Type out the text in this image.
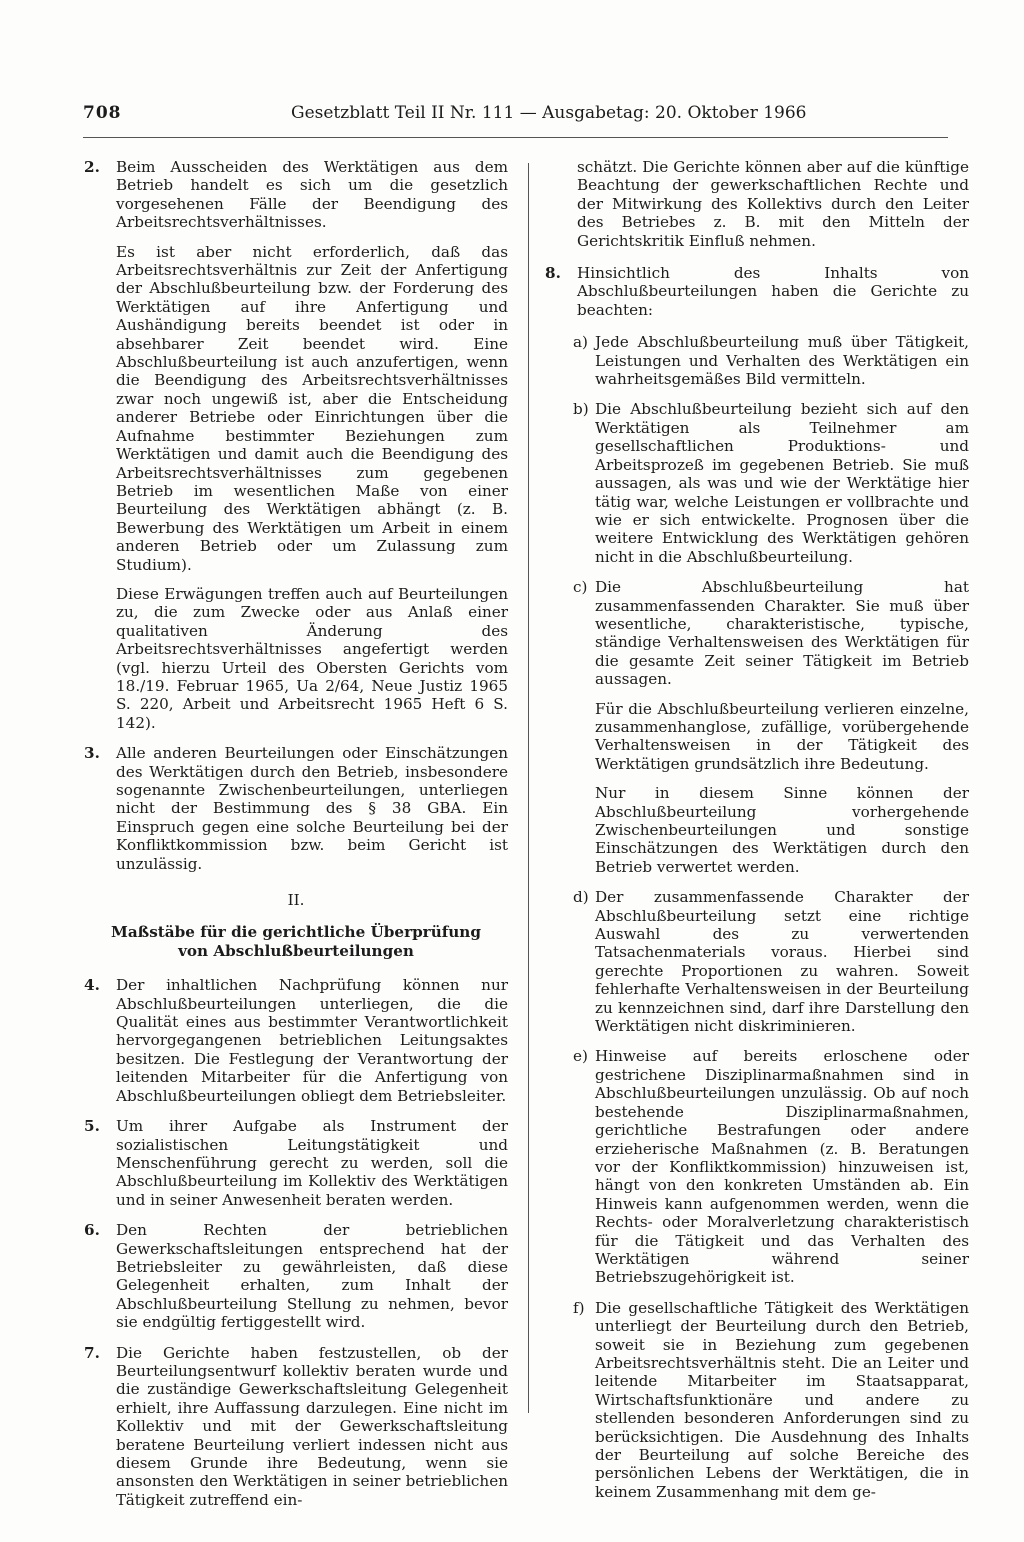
708	Gesetzblatt Teil II Nr. 111 — Ausgabetag: 20. Oktober 1966
2.	Beim Ausscheiden des Werktätigen aus dem Betrieb handelt es sich um die gesetzlich vorgesehenen Fälle der Beendigung des Arbeitsrechtsverhältnisses.

Es ist aber nicht erforderlich, daß das Arbeitsrechtsverhältnis zur Zeit der Anfertigung der Abschlußbeurteilung bzw. der Forderung des Werktätigen auf ihre Anfertigung und Aushändigung bereits beendet ist oder in absehbarer Zeit beendet wird. Eine Abschlußbeurteilung ist auch anzufertigen, wenn die Beendigung des Arbeitsrechtsverhältnisses zwar noch ungewiß ist, aber die Entscheidung anderer Betriebe oder Einrichtungen über die Aufnahme bestimmter Beziehungen zum Werktätigen und damit auch die Beendigung des Arbeitsrechtsverhältnisses zum gegebenen Betrieb im wesentlichen Maße von einer Beurteilung des Werktätigen abhängt (z. B. Bewerbung des Werktätigen um Arbeit in einem anderen Betrieb oder um Zulassung zum Studium).

Diese Erwägungen treffen auch auf Beurteilungen zu, die zum Zwecke oder aus Anlaß einer qualitativen Änderung des Arbeitsrechtsverhältnisses angefertigt werden (vgl. hierzu Urteil des Obersten Gerichts vom 18./19. Februar 1965, Ua 2/64, Neue Justiz 1965 S. 220, Arbeit und Arbeitsrecht 1965 Heft 6 S. 142).

3.	Alle anderen Beurteilungen oder Einschätzungen des Werktätigen durch den Betrieb, insbesondere sogenannte Zwischenbeurteilungen, unterliegen nicht der Bestimmung des § 38 GBA. Ein Einspruch gegen eine solche Beurteilung bei der Konfliktkommission bzw. beim Gericht ist unzulässig.

II.
Maßstäbe für die gerichtliche Überprüfung
von Abschlußbeurteilungen
4.	Der inhaltlichen Nachprüfung können nur Abschlußbeurteilungen unterliegen, die die Qualität eines aus bestimmter Verantwortlichkeit hervorgegangenen betrieblichen Leitungsaktes besitzen. Die Festlegung der Verantwortung der leitenden Mitarbeiter für die Anfertigung von Abschlußbeurteilungen obliegt dem Betriebsleiter.

5.	Um ihrer Aufgabe als Instrument der sozialistischen Leitungstätigkeit und Menschenführung gerecht zu werden, soll die Abschlußbeurteilung im Kollektiv des Werktätigen und in seiner Anwesenheit beraten werden.

6.	Den Rechten der betrieblichen Gewerkschaftsleitungen entsprechend hat der Betriebsleiter zu gewährleisten, daß diese Gelegenheit erhalten, zum Inhalt der Abschlußbeurteilung Stellung zu nehmen, bevor sie endgültig fertiggestellt wird.

7.	Die Gerichte haben festzustellen, ob der Beurteilungsentwurf kollektiv beraten wurde und die zuständige Gewerkschaftsleitung Gelegenheit erhielt, ihre Auffassung darzulegen. Eine nicht im Kollektiv und mit der Gewerkschaftsleitung beratene Beurteilung verliert indessen nicht aus diesem Grunde ihre Bedeutung, wenn sie ansonsten den Werktätigen in seiner betrieblichen Tätigkeit zutreffend ein-

schätzt. Die Gerichte können aber auf die künftige Beachtung der gewerkschaftlichen Rechte und der Mitwirkung des Kollektivs durch den Leiter des Betriebes z. B. mit den Mitteln der Gerichtskritik Einfluß nehmen.

8.	Hinsichtlich des Inhalts von Abschlußbeurteilungen haben die Gerichte zu beachten:

a) Jede Abschlußbeurteilung muß über Tätigkeit, Leistungen und Verhalten des Werktätigen ein wahrheitsgemäßes Bild vermitteln.

b) Die Abschlußbeurteilung bezieht sich auf den Werktätigen als Teilnehmer am gesellschaftlichen Produktions- und Arbeitsprozeß im gegebenen Betrieb. Sie muß aussagen, als was und wie der Werktätige hier tätig war, welche Leistungen er vollbrachte und wie er sich entwickelte. Prognosen über die weitere Entwicklung des Werktätigen gehören nicht in die Abschlußbeurteilung.

c) Die Abschlußbeurteilung hat zusammenfassenden Charakter. Sie muß über wesentliche, charakteristische, typische, ständige Verhaltensweisen des Werktätigen für die gesamte Zeit seiner Tätigkeit im Betrieb aussagen.

Für die Abschlußbeurteilung verlieren einzelne, zusammenhanglose, zufällige, vorübergehende Verhaltensweisen in der Tätigkeit des Werktätigen grundsätzlich ihre Bedeutung.

Nur in diesem Sinne können der Abschlußbeurteilung vorhergehende Zwischenbeurteilungen und sonstige Einschätzungen des Werktätigen durch den Betrieb verwertet werden.

d) Der zusammenfassende Charakter der Abschlußbeurteilung setzt eine richtige Auswahl des zu verwertenden Tatsachenmaterials voraus. Hierbei sind gerechte Proportionen zu wahren. Soweit fehlerhafte Verhaltensweisen in der Beurteilung zu kennzeichnen sind, darf ihre Darstellung den Werktätigen nicht diskriminieren.

e) Hinweise auf bereits erloschene oder gestrichene Disziplinarmaßnahmen sind in Abschlußbeurteilungen unzulässig. Ob auf noch bestehende Disziplinarmaßnahmen, gerichtliche Bestrafungen oder andere erzieherische Maßnahmen (z. B. Beratungen vor der Konfliktkommission) hinzuweisen ist, hängt von den konkreten Umständen ab. Ein Hinweis kann aufgenommen werden, wenn die Rechts- oder Moralverletzung charakteristisch für die Tätigkeit und das Verhalten des Werktätigen während seiner Betriebszugehörigkeit ist.

f) Die gesellschaftliche Tätigkeit des Werktätigen unterliegt der Beurteilung durch den Betrieb, soweit sie in Beziehung zum gegebenen Arbeitsrechtsverhältnis steht. Die an Leiter und leitende Mitarbeiter im Staatsapparat, Wirtschaftsfunktionäre und andere zu stellenden besonderen Anforderungen sind zu berücksichtigen. Die Ausdehnung des Inhalts der Beurteilung auf solche Bereiche des persönlichen Lebens der Werktätigen, die in keinem Zusammenhang mit dem ge-
